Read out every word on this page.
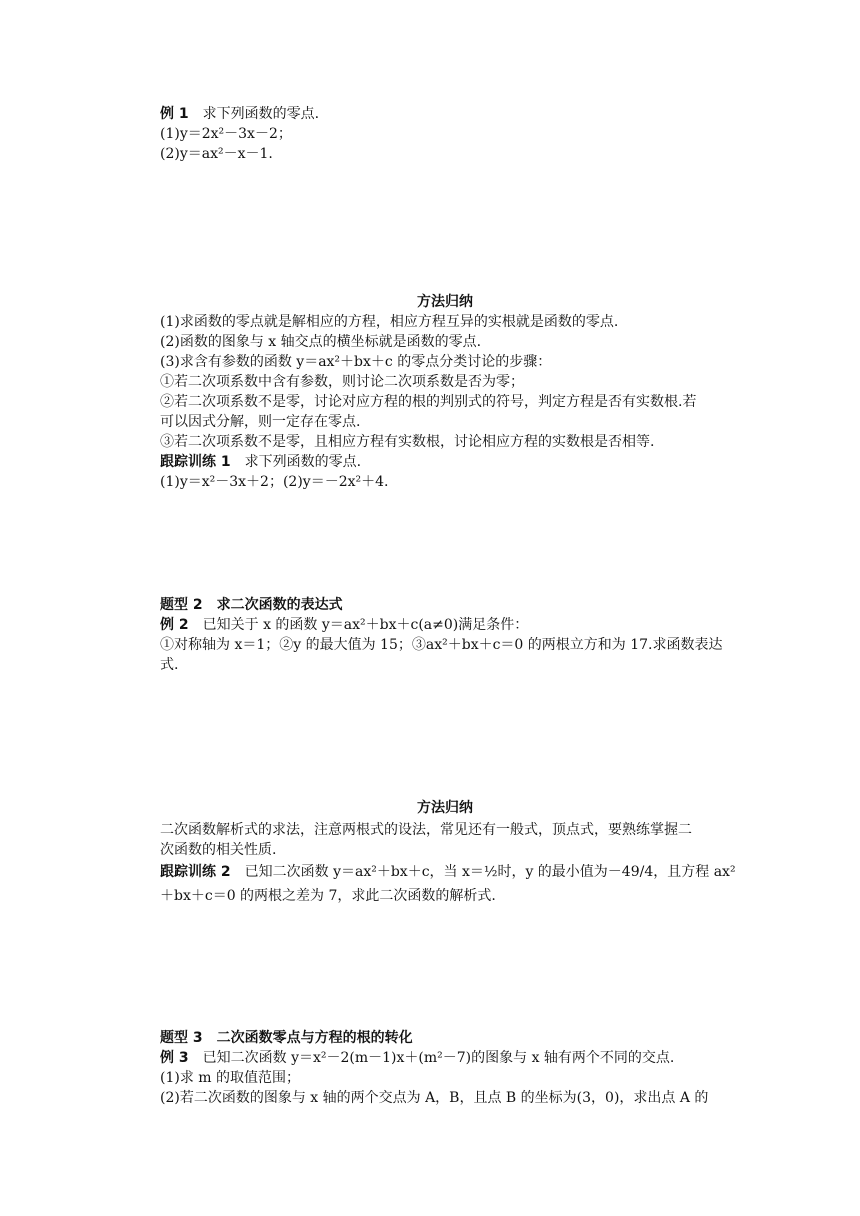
例 1　求下列函数的零点.
(1)y＝2x²－3x－2；
(2)y＝ax²－x－1.
方法归纳
(1)求函数的零点就是解相应的方程，相应方程互异的实根就是函数的零点.
(2)函数的图象与 x 轴交点的横坐标就是函数的零点.
(3)求含有参数的函数 y＝ax²＋bx＋c 的零点分类讨论的步骤：
①若二次项系数中含有参数，则讨论二次项系数是否为零；
②若二次项系数不是零，讨论对应方程的根的判别式的符号，判定方程是否有实数根.若
可以因式分解，则一定存在零点.
③若二次项系数不是零，且相应方程有实数根，讨论相应方程的实数根是否相等.
跟踪训练 1　求下列函数的零点.
(1)y＝x²－3x＋2；(2)y＝－2x²＋4.
题型 2　求二次函数的表达式
例 2　已知关于 x 的函数 y＝ax²＋bx＋c(a≠0)满足条件：
①对称轴为 x＝1；②y 的最大值为 15；③ax²＋bx＋c＝0 的两根立方和为 17.求函数表达
式.
方法归纳
二次函数解析式的求法，注意两根式的设法，常见还有一般式，顶点式，要熟练掌握二
次函数的相关性质.
跟踪训练 2　已知二次函数 y＝ax²＋bx＋c，当 x＝½时，y 的最小值为－49/4，且方程 ax²
＋bx＋c＝0 的两根之差为 7，求此二次函数的解析式.
题型 3　二次函数零点与方程的根的转化
例 3　已知二次函数 y＝x²－2(m－1)x＋(m²－7)的图象与 x 轴有两个不同的交点.
(1)求 m 的取值范围；
(2)若二次函数的图象与 x 轴的两个交点为 A，B，且点 B 的坐标为(3，0)，求出点 A 的
